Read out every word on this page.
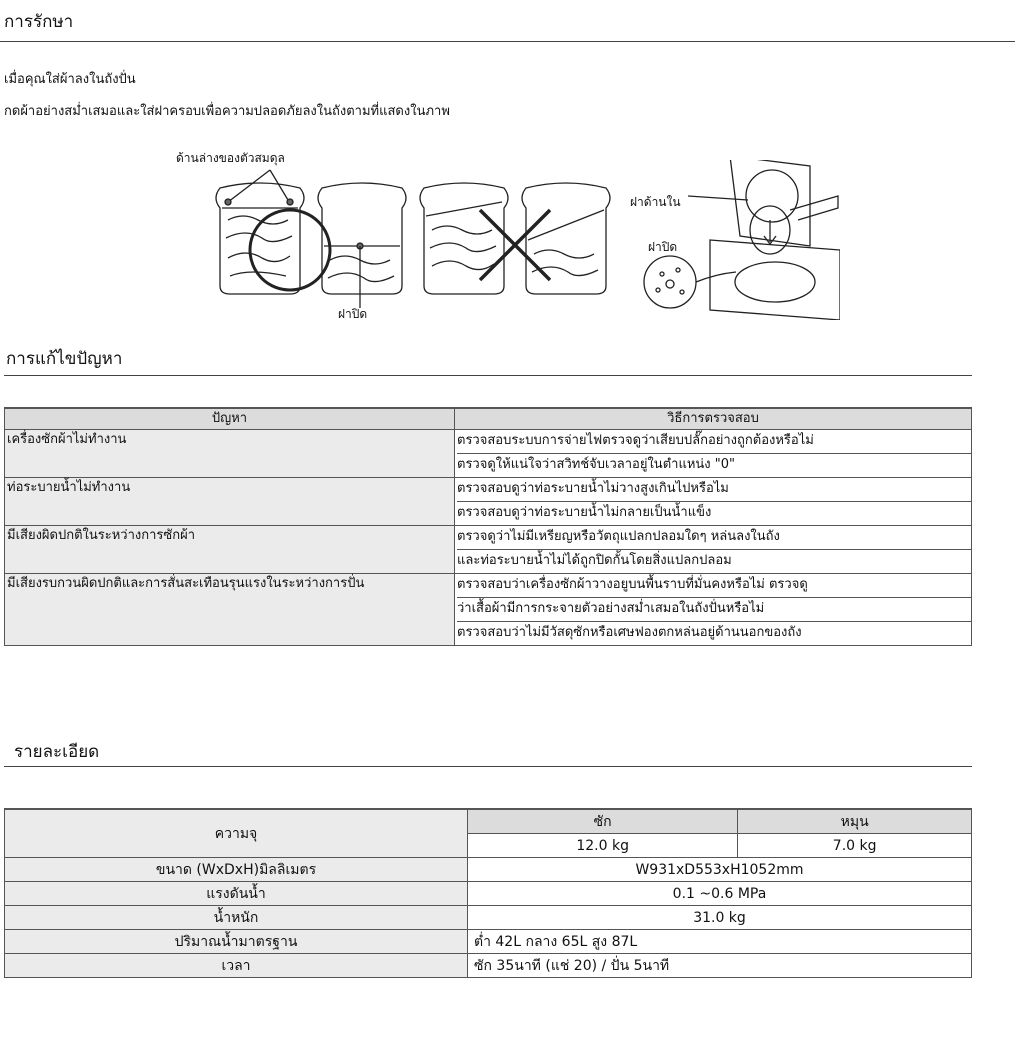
การรักษา
เมื่อคุณใส่ผ้าลงในถังปั่น
กดผ้าอย่างสม่ำเสมอและใส่ฝาครอบเพื่อความปลอดภัยลงในถังตามที่แสดงในภาพ
ด้านล่างของตัวสมดุล
ฝาปิด
ฝาด้านใน
ฝาปิด
การแก้ไขปัญหา
ปัญหา	วิธีการตรวจสอบ
เครื่องซักผ้าไม่ทำงาน	ตรวจสอบระบบการจ่ายไฟตรวจดูว่าเสียบปลั๊กอย่างถูกต้องหรือไม่
ตรวจดูให้แน่ใจว่าสวิทช์จับเวลาอยู่ในตำแหน่ง "0"

ท่อระบายน้ำไม่ทำงาน	ตรวจสอบดูว่าท่อระบายน้ำไม่วางสูงเกินไปหรือไม
ตรวจสอบดูว่าท่อระบายน้ำไม่กลายเป็นน้ำแข็ง

มีเสียงผิดปกติในระหว่างการซักผ้า	ตรวจดูว่าไม่มีเหรียญหรือวัตถุแปลกปลอมใดๆ หล่นลงในถัง
และท่อระบายน้ำไม่ได้ถูกปิดกั้นโดยสิ่งแปลกปลอม

มีเสียงรบกวนผิดปกติและการสั่นสะเทือนรุนแรงในระหว่างการปั่น	ตรวจสอบว่าเครื่องซักผ้าวางอยูบนพื้นราบที่มั่นคงหรือไม่ ตรวจดู
ว่าเสื้อผ้ามีการกระจายตัวอย่างสม่ำเสมอในถังปั่นหรือไม่
ตรวจสอบว่าไม่มีวัสดุซักหรือเศษฟองตกหล่นอยู่ด้านนอกของถัง
รายละเอียด
ความจุ	ซัก	หมุน
	12.0 kg	7.0 kg
ขนาด (WxDxH)มิลลิเมตร	W931xD553xH1052mm	
แรงดันน้ำ	0.1 ~0.6 MPa	
น้ำหนัก	31.0 kg	
ปริมาณน้ำมาตรฐาน	ต่ำ 42L กลาง 65L สูง 87L	
เวลา	ซัก 35นาที (แช่ 20) / ปั่น 5นาที	
